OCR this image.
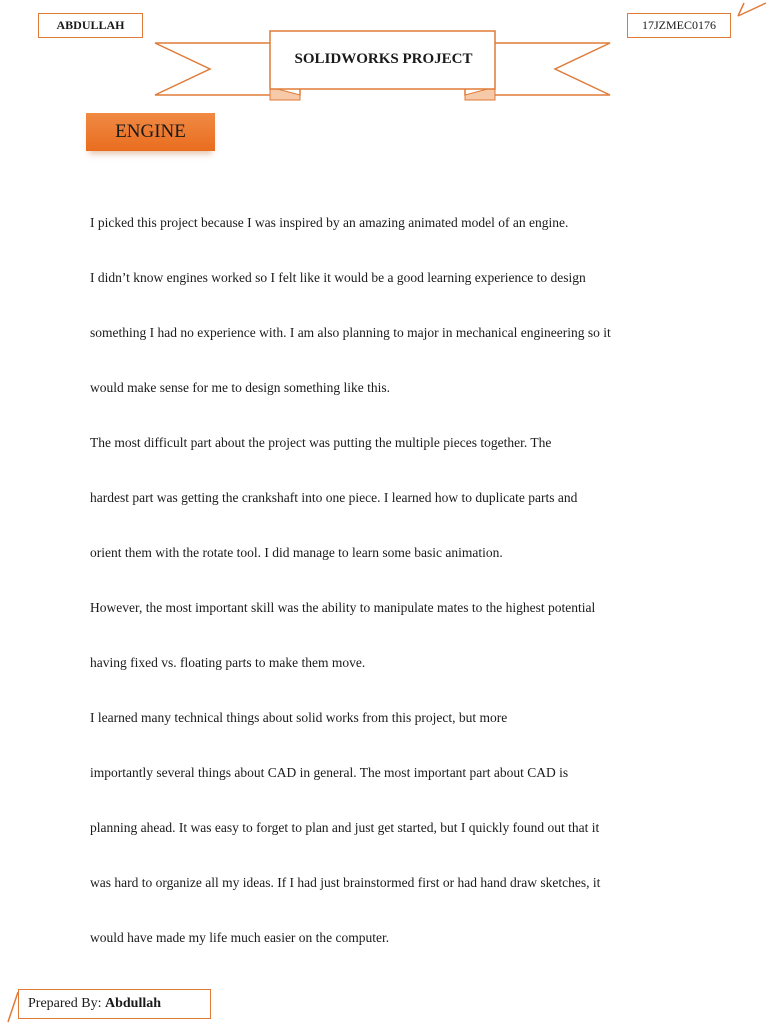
ABDULLAH	17JZMEC0176
SOLIDWORKS PROJECT
ENGINE
I picked this project because I was inspired by an amazing animated model of an engine.
I didn’t know engines worked so I felt like it would be a good learning experience to design
something I had no experience with. I am also planning to major in mechanical engineering so it
would make sense for me to design something like this.
The most difficult part about the project was putting the multiple pieces together. The
hardest part was getting the crankshaft into one piece. I learned how to duplicate parts and
orient them with the rotate tool. I did manage to learn some basic animation.
However, the most important skill was the ability to manipulate mates to the highest potential
having fixed vs. floating parts to make them move.
I learned many technical things about solid works from this project, but more
importantly several things about CAD in general. The most important part about CAD is
planning ahead. It was easy to forget to plan and just get started, but I quickly found out that it
was hard to organize all my ideas. If I had just brainstormed first or had hand draw sketches, it
would have made my life much easier on the computer.
Prepared By: Abdullah
